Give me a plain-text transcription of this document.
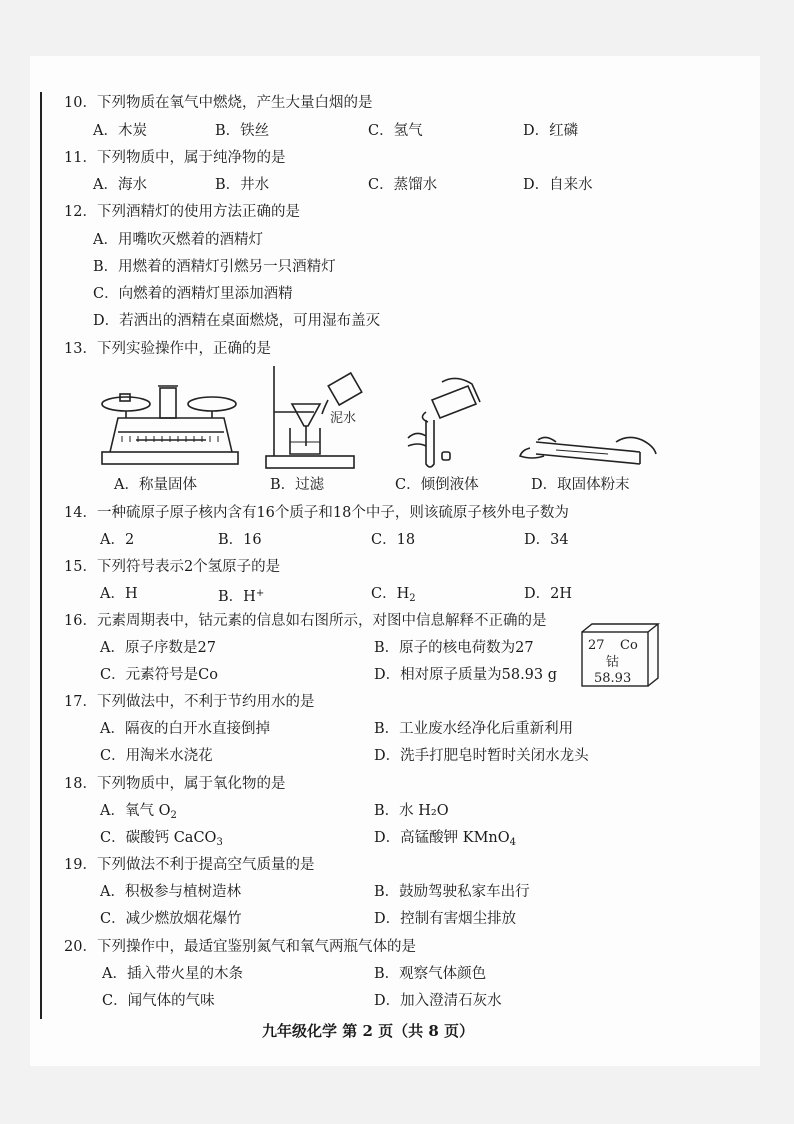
10．下列物质在氧气中燃烧，产生大量白烟的是
A．木炭	B．铁丝	C．氢气	D．红磷
11．下列物质中，属于纯净物的是
A．海水	B．井水	C．蒸馏水	D．自来水
12．下列酒精灯的使用方法正确的是
A．用嘴吹灭燃着的酒精灯
B．用燃着的酒精灯引燃另一只酒精灯
C．向燃着的酒精灯里添加酒精
D．若洒出的酒精在桌面燃烧，可用湿布盖灭
13．下列实验操作中，正确的是
泥水
A．称量固体	B．过滤	C．倾倒液体	D．取固体粉末
14．一种硫原子原子核内含有16个质子和18个中子，则该硫原子核外电子数为
A．2	B．16	C．18	D．34
15．下列符号表示2个氢原子的是
A．H	B．H+	C．$H_2$	D．2H
16．元素周期表中，钴元素的信息如右图所示，对图中信息解释不正确的是
A．原子序数是27	B．原子的核电荷数为27
C．元素符号是Co	D．相对原子质量为58.93 g
27 Co
钴
58.93
17．下列做法中，不利于节约用水的是
A．隔夜的白开水直接倒掉	B．工业废水经净化后重新利用
C．用淘米水浇花	D．洗手打肥皂时暂时关闭水龙头
18．下列物质中，属于氧化物的是
A．氧气 $O_2$	B．水 H₂O
C．碳酸钙 CaCO$_3$	D．高锰酸钾 KMnO$_4$
19．下列做法不利于提高空气质量的是
A．积极参与植树造林	B．鼓励驾驶私家车出行
C．减少燃放烟花爆竹	D．控制有害烟尘排放
20．下列操作中，最适宜鉴别氮气和氧气两瓶气体的是
A．插入带火星的木条	B．观察气体颜色
C．闻气体的气味	D．加入澄清石灰水
九年级化学 第 2 页（共 8 页）
